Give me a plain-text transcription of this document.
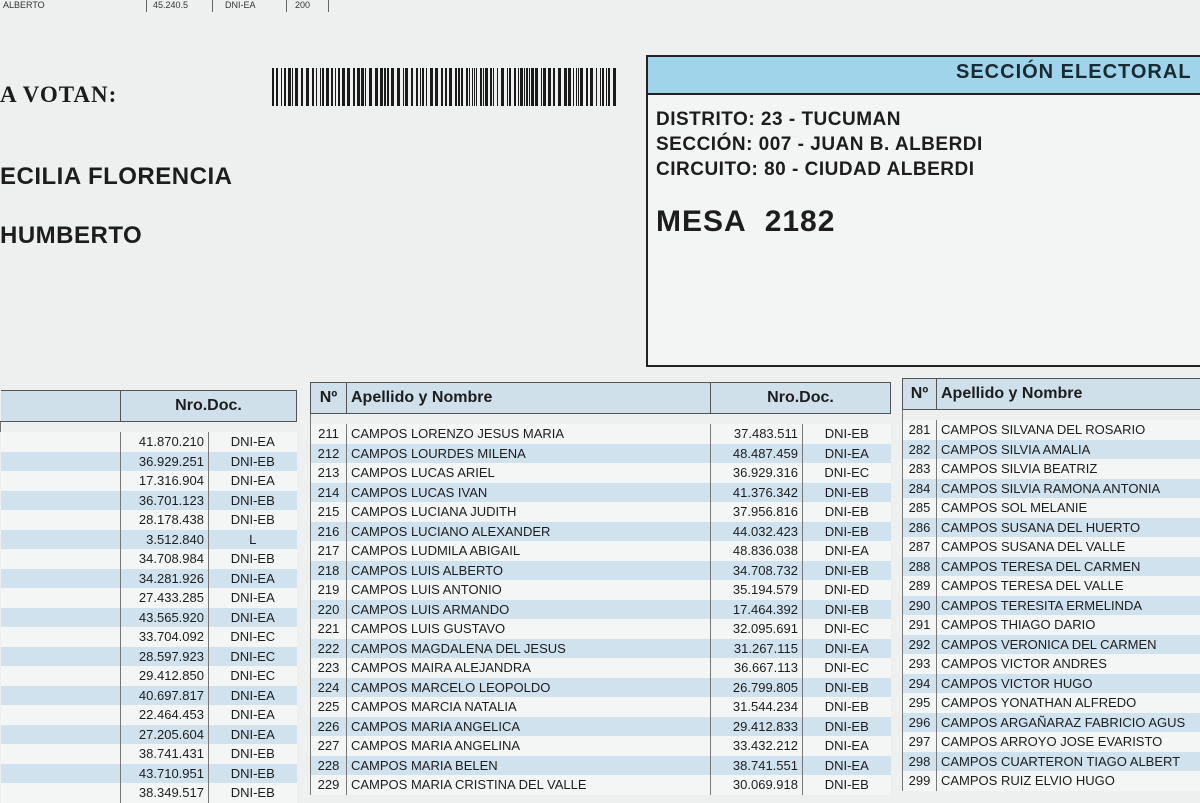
ALBERTO	45.240.5	DNI-EA	200
A VOTAN:
ECILIA FLORENCIA
HUMBERTO
SECCIÓN ELECTORAL
DISTRITO: 23 - TUCUMAN
SECCIÓN: 007 - JUAN B. ALBERDI
CIRCUITO: 80 - CIUDAD ALBERDI
MESA 2182
	Nro.Doc.	

	41.870.210	DNI-EA
	36.929.251	DNI-EB
	17.316.904	DNI-EA
	36.701.123	DNI-EB
	28.178.438	DNI-EB
	3.512.840	L
	34.708.984	DNI-EB
	34.281.926	DNI-EA
	27.433.285	DNI-EA
	43.565.920	DNI-EA
	33.704.092	DNI-EC
	28.597.923	DNI-EC
	29.412.850	DNI-EC
	40.697.817	DNI-EA
	22.464.453	DNI-EA
	27.205.604	DNI-EA
	38.741.431	DNI-EB
	43.710.951	DNI-EB
	38.349.517	DNI-EB
Nº	Apellido y Nombre	Nro.Doc.	

211	CAMPOS LORENZO JESUS MARIA	37.483.511	DNI-EB
212	CAMPOS LOURDES MILENA	48.487.459	DNI-EA
213	CAMPOS LUCAS ARIEL	36.929.316	DNI-EC
214	CAMPOS LUCAS IVAN	41.376.342	DNI-EB
215	CAMPOS LUCIANA JUDITH	37.956.816	DNI-EB
216	CAMPOS LUCIANO ALEXANDER	44.032.423	DNI-EB
217	CAMPOS LUDMILA ABIGAIL	48.836.038	DNI-EA
218	CAMPOS LUIS ALBERTO	34.708.732	DNI-EB
219	CAMPOS LUIS ANTONIO	35.194.579	DNI-ED
220	CAMPOS LUIS ARMANDO	17.464.392	DNI-EB
221	CAMPOS LUIS GUSTAVO	32.095.691	DNI-EC
222	CAMPOS MAGDALENA DEL JESUS	31.267.115	DNI-EA
223	CAMPOS MAIRA ALEJANDRA	36.667.113	DNI-EC
224	CAMPOS MARCELO LEOPOLDO	26.799.805	DNI-EB
225	CAMPOS MARCIA NATALIA	31.544.234	DNI-EB
226	CAMPOS MARIA ANGELICA	29.412.833	DNI-EB
227	CAMPOS MARIA ANGELINA	33.432.212	DNI-EA
228	CAMPOS MARIA BELEN	38.741.551	DNI-EA
229	CAMPOS MARIA CRISTINA DEL VALLE	30.069.918	DNI-EB
Nº	Apellido y Nombre

281	CAMPOS SILVANA DEL ROSARIO
282	CAMPOS SILVIA AMALIA
283	CAMPOS SILVIA BEATRIZ
284	CAMPOS SILVIA RAMONA ANTONIA
285	CAMPOS SOL MELANIE
286	CAMPOS SUSANA DEL HUERTO
287	CAMPOS SUSANA DEL VALLE
288	CAMPOS TERESA DEL CARMEN
289	CAMPOS TERESA DEL VALLE
290	CAMPOS TERESITA ERMELINDA
291	CAMPOS THIAGO DARIO
292	CAMPOS VERONICA DEL CARMEN
293	CAMPOS VICTOR ANDRES
294	CAMPOS VICTOR HUGO
295	CAMPOS YONATHAN ALFREDO
296	CAMPOS ARGAÑARAZ FABRICIO AGUS
297	CAMPOS ARROYO JOSE EVARISTO
298	CAMPOS CUARTERON TIAGO ALBERT
299	CAMPOS RUIZ ELVIO HUGO
